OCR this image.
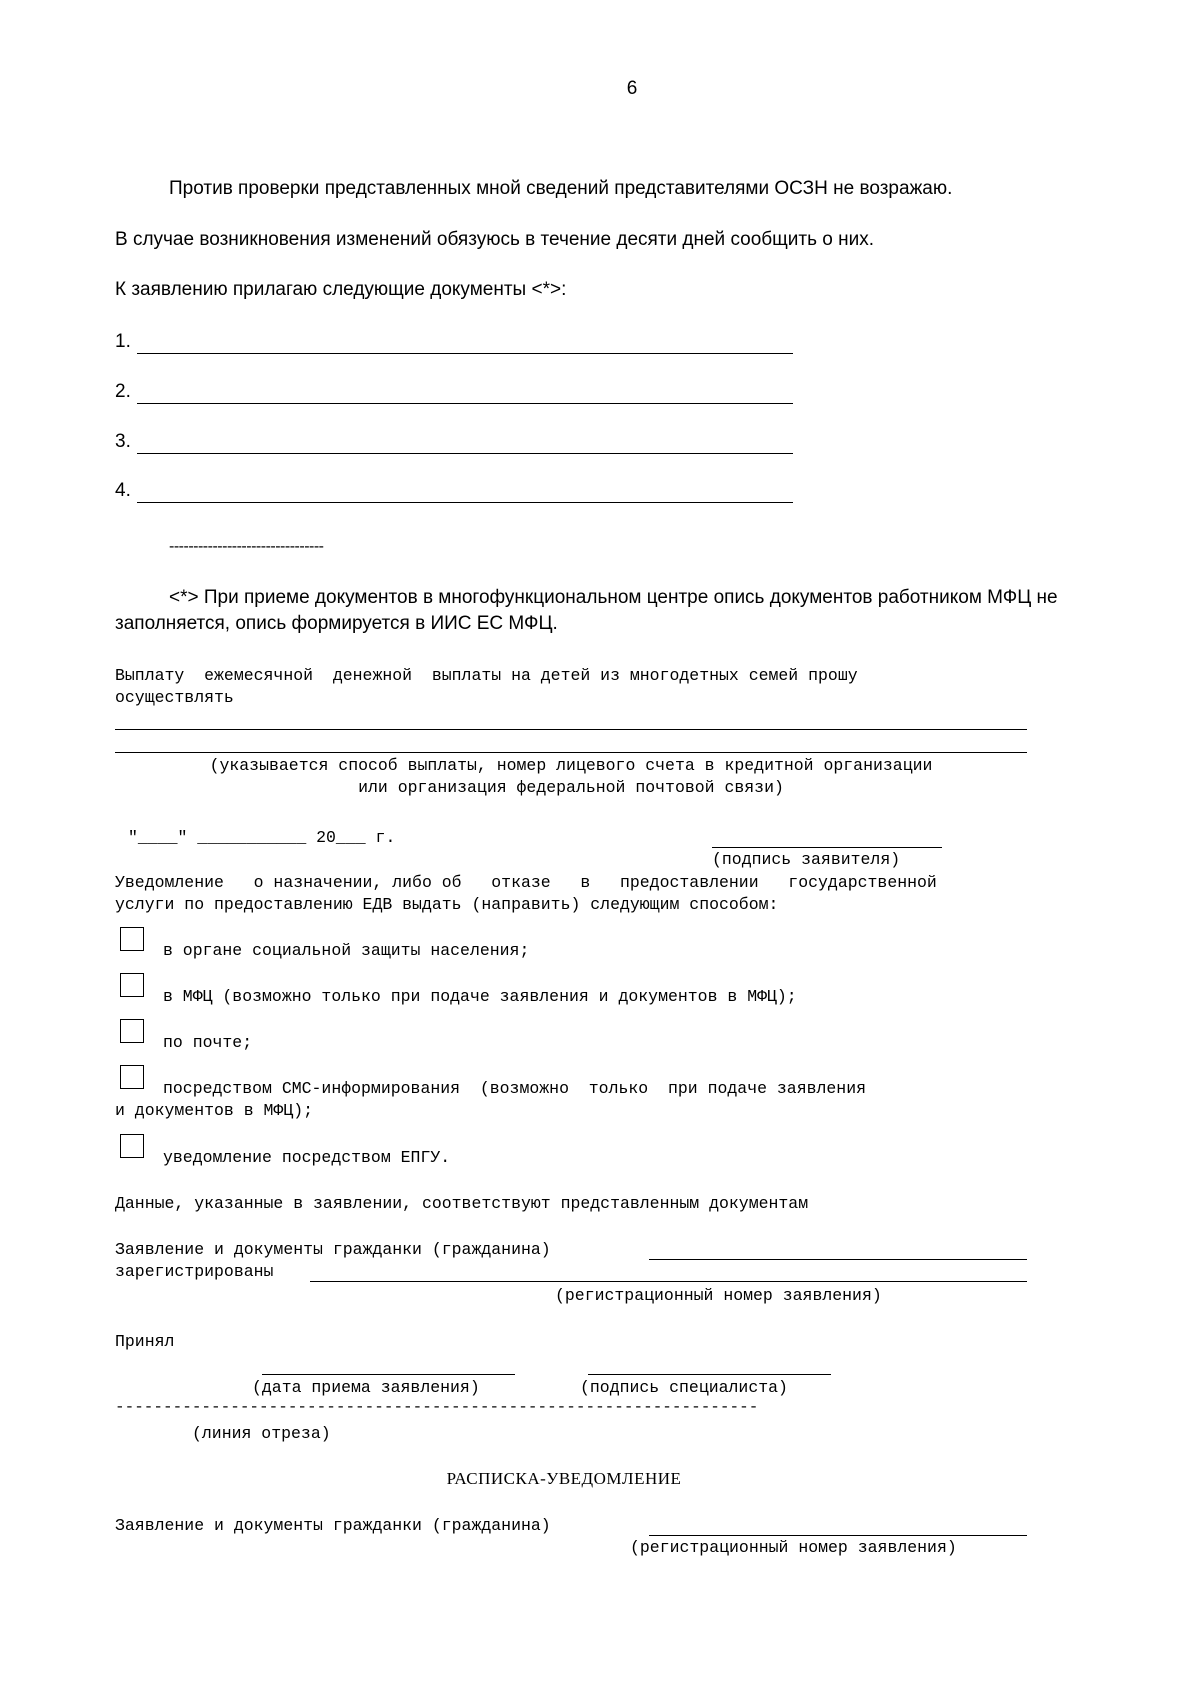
6
Против проверки представленных мной сведений представителями ОСЗН не возражаю.
В случае возникновения изменений обязуюсь в течение десяти дней сообщить о них.
К заявлению прилагаю следующие документы <*>:
1.
2.
3.
4.
--------------------------------
<*> При приеме документов в многофункциональном центре опись документов работником МФЦ не
заполняется, опись формируется в ИИС ЕС МФЦ.
Выплату  ежемесячной  денежной  выплаты на детей из многодетных семей прошу
осуществлять
(указывается способ выплаты, номер лицевого счета в кредитной организации
или организация федеральной почтовой связи)
"____" ___________ 20___ г.
(подпись заявителя)
Уведомление   о назначении, либо об   отказе   в   предоставлении   государственной
услуги по предоставлению ЕДВ выдать (направить) следующим способом:
в органе социальной защиты населения;
в МФЦ (возможно только при подаче заявления и документов в МФЦ);
по почте;
посредством СМС-информирования  (возможно  только  при подаче заявления
и документов в МФЦ);
уведомление посредством ЕПГУ.
Данные, указанные в заявлении, соответствуют представленным документам
Заявление и документы гражданки (гражданина)
зарегистрированы
(регистрационный номер заявления)
Принял
(дата приема заявления)	(подпись специалиста)
-------------------------------------------------------------------
(линия отреза)
РАСПИСКА-УВЕДОМЛЕНИЕ
Заявление и документы гражданки (гражданина)
(регистрационный номер заявления)
